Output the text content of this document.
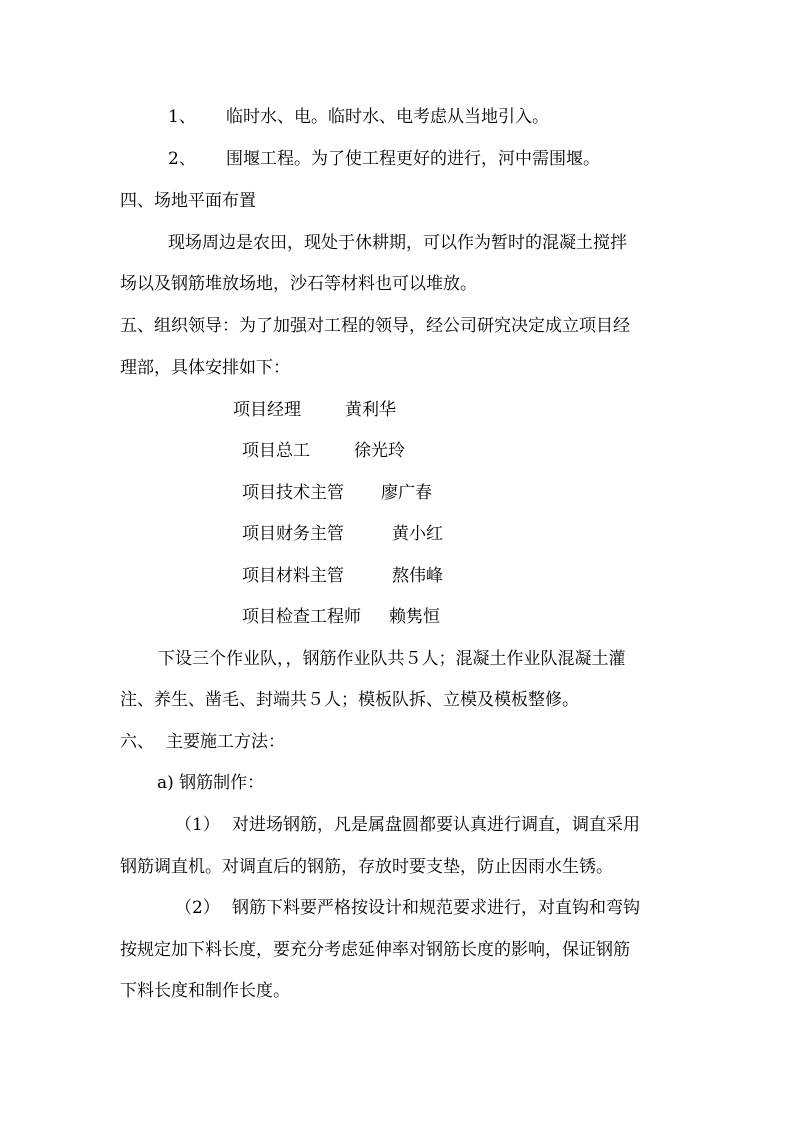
1、 临时水、电。临时水、电考虑从当地引入。
2、 围堰工程。为了使工程更好的进行，河中需围堰。
四、场地平面布置
现场周边是农田，现处于休耕期，可以作为暂时的混凝土搅拌
场以及钢筋堆放场地，沙石等材料也可以堆放。
五、组织领导：为了加强对工程的领导，经公司研究决定成立项目经
理部，具体安排如下：
项目经理	黄利华
项目总工	徐光玲
项目技术主管 廖广春
项目财务主管	黄小红
项目材料主管	熬伟峰
项目检查工程师 赖隽恒
下设三个作业队，，钢筋作业队共５人；混凝土作业队混凝土灌
注、养生、凿毛、封端共５人；模板队拆、立模及模板整修。
六、 主要施工方法：
a) 钢筋制作：
（1） 对进场钢筋，凡是属盘圆都要认真进行调直，调直采用
钢筋调直机。对调直后的钢筋，存放时要支垫，防止因雨水生锈。
（2） 钢筋下料要严格按设计和规范要求进行，对直钩和弯钩
按规定加下料长度，要充分考虑延伸率对钢筋长度的影响，保证钢筋
下料长度和制作长度。
